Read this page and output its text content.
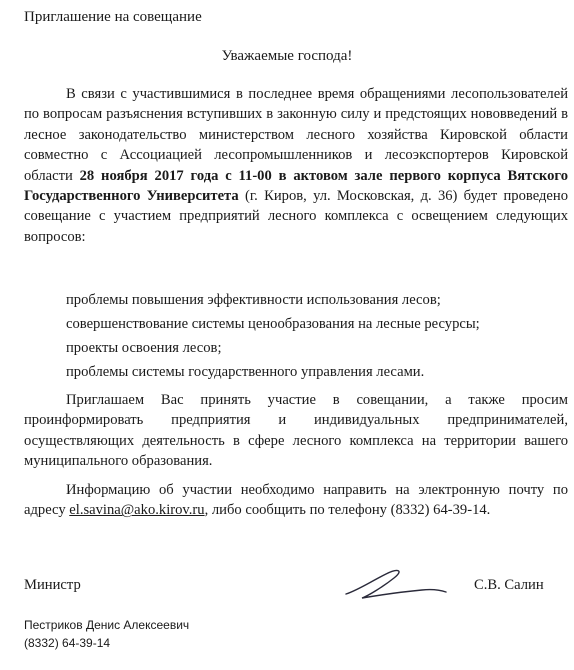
Приглашение на совещание
Уважаемые господа!

В связи с участившимися в последнее время обращениями лесопользователей по вопросам разъяснения вступивших в законную силу и предстоящих нововведений в лесное законодательство министерством лесного хозяйства Кировской области совместно с Ассоциацией лесопромышленников и лесоэкспортеров Кировской области 28 ноября 2017 года с 11-00 в актовом зале первого корпуса Вятского Государственного Университета (г. Киров, ул. Московская, д. 36) будет проведено совещание с участием предприятий лесного комплекса с освещением следующих вопросов:

проблемы повышения эффективности использования лесов;
совершенствование системы ценообразования на лесные ресурсы;
проекты освоения лесов;
проблемы системы государственного управления лесами.

Приглашаем Вас принять участие в совещании, а также просим проинформировать предприятия и индивидуальных предпринимателей, осуществляющих деятельность в сфере лесного комплекса на территории вашего муниципального образования.

Информацию об участии необходимо направить на электронную почту по адресу el.savina@ako.kirov.ru, либо сообщить по телефону (8332) 64-39-14.

Министр	С.В. Салин
Пестриков Денис Алексеевич
(8332) 64-39-14
